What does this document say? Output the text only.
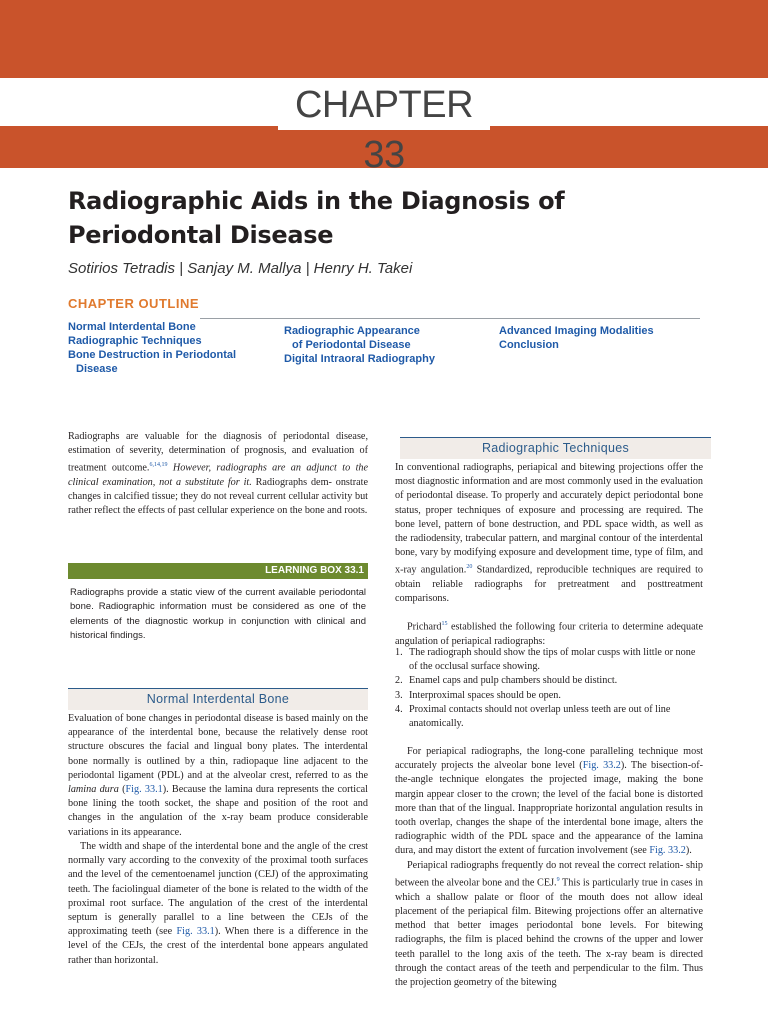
CHAPTER 33
Radiographic Aids in the Diagnosis of
Periodontal Disease
Sotirios Tetradis | Sanjay M. Mallya | Henry H. Takei
CHAPTER OUTLINE
Normal Interdental Bone
Radiographic Techniques
Bone Destruction in Periodontal
Disease
Radiographic Appearance
of Periodontal Disease
Digital Intraoral Radiography
Advanced Imaging Modalities
Conclusion
Radiographs are valuable for the diagnosis of periodontal disease, estimation of severity, determination of prognosis, and evaluation of treatment outcome.$^{6,14,19}$ However, radiographs are an adjunct to the clinical examination, not a substitute for it. Radiographs dem- onstrate changes in calcified tissue; they do not reveal current cellular activity but rather reflect the effects of past cellular experience on the bone and roots.
LEARNING BOX 33.1
Radiographs provide a static view of the current available periodontal bone. Radiographic information must be considered as one of the elements of the diagnostic workup in conjunction with clinical and historical findings.
Normal Interdental Bone
Evaluation of bone changes in periodontal disease is based mainly on the appearance of the interdental bone, because the relatively dense root structure obscures the facial and lingual bony plates. The interdental bone normally is outlined by a thin, radiopaque line adjacent to the periodontal ligament (PDL) and at the alveolar crest, referred to as the lamina dura (Fig. 33.1). Because the lamina dura represents the cortical bone lining the tooth socket, the shape and position of the root and changes in the angulation of the x-ray beam produce considerable variations in its appearance.
The width and shape of the interdental bone and the angle of the crest normally vary according to the convexity of the proximal tooth surfaces and the level of the cementoenamel junction (CEJ) of the approximating teeth. The faciolingual diameter of the bone is related to the width of the proximal root surface. The angulation of the crest of the interdental septum is generally parallel to a line between the CEJs of the approximating teeth (see Fig. 33.1). When there is a difference in the level of the CEJs, the crest of the interdental bone appears angulated rather than horizontal.
Radiographic Techniques
In conventional radiographs, periapical and bitewing projections offer the most diagnostic information and are most commonly used in the evaluation of periodontal disease. To properly and accurately depict periodontal bone status, proper techniques of exposure and processing are required. The bone level, pattern of bone destruction, and PDL space width, as well as the radiodensity, trabecular pattern, and marginal contour of the interdental bone, vary by modifying exposure and development time, type of film, and x-ray angulation.$^{20}$ Standardized, reproducible techniques are required to obtain reliable radiographs for pretreatment and posttreatment comparisons.
Prichard$^{15}$ established the following four criteria to determine adequate angulation of periapical radiographs:
1. The radiograph should show the tips of molar cusps with little or none of the occlusal surface showing.
2. Enamel caps and pulp chambers should be distinct.
3. Interproximal spaces should be open.
4. Proximal contacts should not overlap unless teeth are out of line anatomically.
For periapical radiographs, the long-cone paralleling technique most accurately projects the alveolar bone level (Fig. 33.2). The bisection-of-the-angle technique elongates the projected image, making the bone margin appear closer to the crown; the level of the facial bone is distorted more than that of the lingual. Inappropriate horizontal angulation results in tooth overlap, changes the shape of the interdental bone image, alters the radiographic width of the PDL space and the appearance of the lamina dura, and may distort the extent of furcation involvement (see Fig. 33.2).
Periapical radiographs frequently do not reveal the correct relation- ship between the alveolar bone and the CEJ.$^9$ This is particularly true in cases in which a shallow palate or floor of the mouth does not allow ideal placement of the periapical film. Bitewing projections offer an alternative method that better images periodontal bone levels. For bitewing radiographs, the film is placed behind the crowns of the upper and lower teeth parallel to the long axis of the teeth. The x-ray beam is directed through the contact areas of the teeth and perpendicular to the film. Thus the projection geometry of the bitewing
